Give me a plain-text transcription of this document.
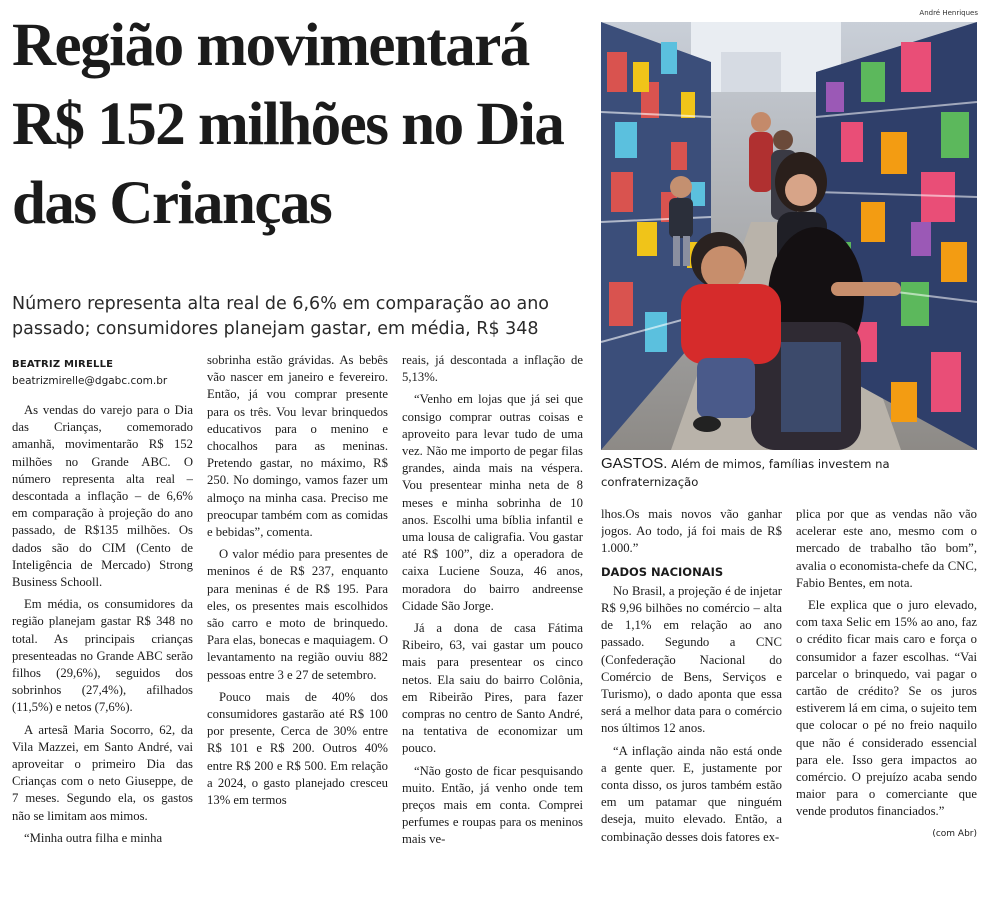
Região movimentará R$ 152 milhões no Dia das Crianças
Número representa alta real de 6,6% em comparação ao ano passado; consumidores planejam gastar, em média, R$ 348
BEATRIZ MIRELLE
beatrizmirelle@dgabc.com.br

As vendas do varejo para o Dia das Crianças, comemorado amanhã, movimentarão R$ 152 milhões no Grande ABC. O número representa alta real – descontada a inflação – de 6,6% em comparação à projeção do ano passado, de R$135 milhões. Os dados são do CIM (Cento de Inteligência de Mercado) Strong Business Schooll.

Em média, os consumidores da região planejam gastar R$ 348 no total. As principais crianças presenteadas no Grande ABC serão filhos (29,6%), seguidos dos sobrinhos (27,4%), afilhados (11,5%) e netos (7,6%).

A artesã Maria Socorro, 62, da Vila Mazzei, em Santo André, vai aproveitar o primeiro Dia das Crianças com o neto Giuseppe, de 7 meses. Segundo ela, os gastos não se limitam aos mimos.

“Minha outra filha e minha

sobrinha estão grávidas. As bebês vão nascer em janeiro e fevereiro. Então, já vou comprar presente para os três. Vou levar brinquedos educativos para o menino e chocalhos para as meninas. Pretendo gastar, no máximo, R$ 250. No domingo, vamos fazer um almoço na minha casa. Preciso me preocupar também com as comidas e bebidas”, comenta.

O valor médio para presentes de meninos é de R$ 237, enquanto para meninas é de R$ 195. Para eles, os presentes mais escolhidos são carro e moto de brinquedo. Para elas, bonecas e maquiagem. O levantamento na região ouviu 882 pessoas entre 3 e 27 de setembro.

Pouco mais de 40% dos consumidores gastarão até R$ 100 por presente, Cerca de 30% entre R$ 101 e R$ 200. Outros 40% entre R$ 200 e R$ 500. Em relação a 2024, o gasto planejado cresceu 13% em termos

reais, já descontada a inflação de 5,13%.

“Venho em lojas que já sei que consigo comprar outras coisas e aproveito para levar tudo de uma vez. Não me importo de pegar filas grandes, ainda mais na véspera. Vou presentear minha neta de 8 meses e minha sobrinha de 10 anos. Escolhi uma bíblia infantil e uma lousa de caligrafia. Vou gastar até R$ 100”, diz a operadora de caixa Luciene Souza, 46 anos, moradora do bairro andreense Cidade São Jorge.

Já a dona de casa Fátima Ribeiro, 63, vai gastar um pouco mais para presentear os cinco netos. Ela saiu do bairro Colônia, em Ribeirão Pires, para fazer compras no centro de Santo André, na tentativa de economizar um pouco.

“Não gosto de ficar pesquisando muito. Então, já venho onde tem preços mais em conta. Comprei perfumes e roupas para os meninos mais ve-

lhos.Os mais novos vão ganhar jogos. Ao todo, já foi mais de R$ 1.000.”

DADOS NACIONAIS

No Brasil, a projeção é de injetar R$ 9,96 bilhões no comércio – alta de 1,1% em relação ao ano passado. Segundo a CNC (Confederação Nacional do Comércio de Bens, Serviços e Turismo), o dado aponta que essa será a melhor data para o comércio nos últimos 12 anos.

“A inflação ainda não está onde a gente quer. E, justamente por conta disso, os juros também estão em um patamar que ninguém deseja, muito elevado. Então, a combinação desses dois fatores ex-

plica por que as vendas não vão acelerar este ano, mesmo com o mercado de trabalho tão bom”, avalia o economista-chefe da CNC, Fabio Bentes, em nota.

Ele explica que o juro elevado, com taxa Selic em 15% ao ano, faz o crédito ficar mais caro e força o consumidor a fazer escolhas. “Vai parcelar o brinquedo, vai pagar o cartão de crédito? Se os juros estiverem lá em cima, o sujeito tem que colocar o pé no freio naquilo que não é considerado essencial para ele. Isso gera impactos ao comércio. O prejuízo acaba sendo maior para o comerciante que vende produtos financiados.”

(com Abr)

André Henriques
GASTOS. Além de mimos, famílias investem na confraternização
